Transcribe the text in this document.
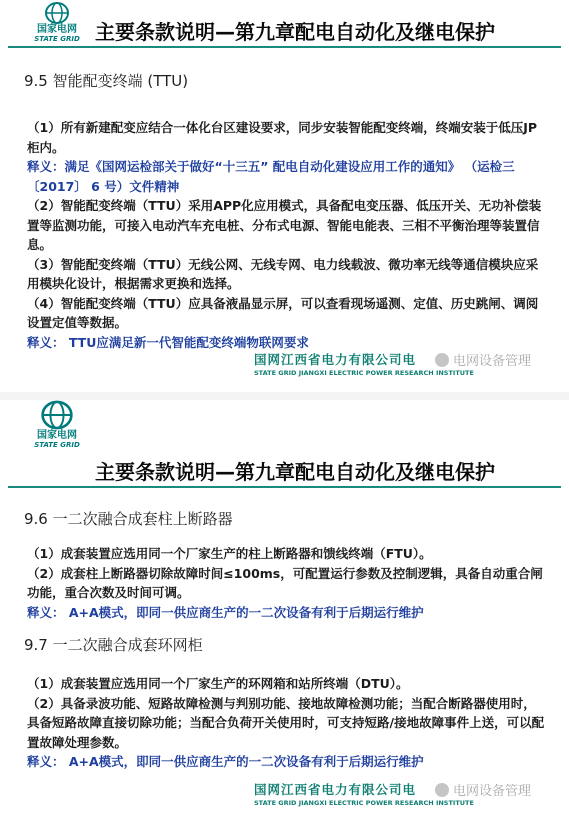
国家电网
STATE GRID 主要条款说明—第九章配电自动化及继电保护
9.5 智能配变终端 (TTU)

（1）所有新建配变应结合一体化台区建设要求，同步安装智能配变终端，终端安装于低压JP柜内。

释义：满足《国网运检部关于做好“十三五” 配电自动化建设应用工作的通知》 （运检三〔2017〕 6 号）文件精神

（2）智能配变终端（TTU）采用APP化应用模式，具备配电变压器、低压开关、无功补偿装置等监测功能，可接入电动汽车充电桩、分布式电源、智能电能表、三相不平衡治理等装置信息。

（3）智能配变终端（TTU）无线公网、无线专网、电力线载波、微功率无线等通信模块应采用模块化设计，根据需求更换和选择。

（4）智能配变终端（TTU）应具备液晶显示屏，可以查看现场遥测、定值、历史跳闸、调阅设置定值等数据。

释义： TTU应满足新一代智能配变终端物联网要求

国网江西省电力有限公司电
STATE GRID JIANGXI ELECTRIC POWER RESEARCH INSTITUTE
电网设备管理
国家电网
STATE GRID
主要条款说明—第九章配电自动化及继电保护
9.6 一二次融合成套柱上断路器

（1）成套装置应选用同一个厂家生产的柱上断路器和馈线终端（FTU）。

（2）成套柱上断路器切除故障时间≤100ms，可配置运行参数及控制逻辑，具备自动重合闸功能，重合次数及时间可调。

释义： A+A模式，即同一供应商生产的一二次设备有利于后期运行维护

9.7 一二次融合成套环网柜

（1）成套装置应选用同一个厂家生产的环网箱和站所终端（DTU）。

（2）具备录波功能、短路故障检测与判别功能、接地故障检测功能；当配合断路器使用时，具备短路故障直接切除功能；当配合负荷开关使用时，可支持短路/接地故障事件上送，可以配置故障处理参数。

释义： A+A模式，即同一供应商生产的一二次设备有利于后期运行维护

国网江西省电力有限公司电
STATE GRID JIANGXI ELECTRIC POWER RESEARCH INSTITUTE
电网设备管理
